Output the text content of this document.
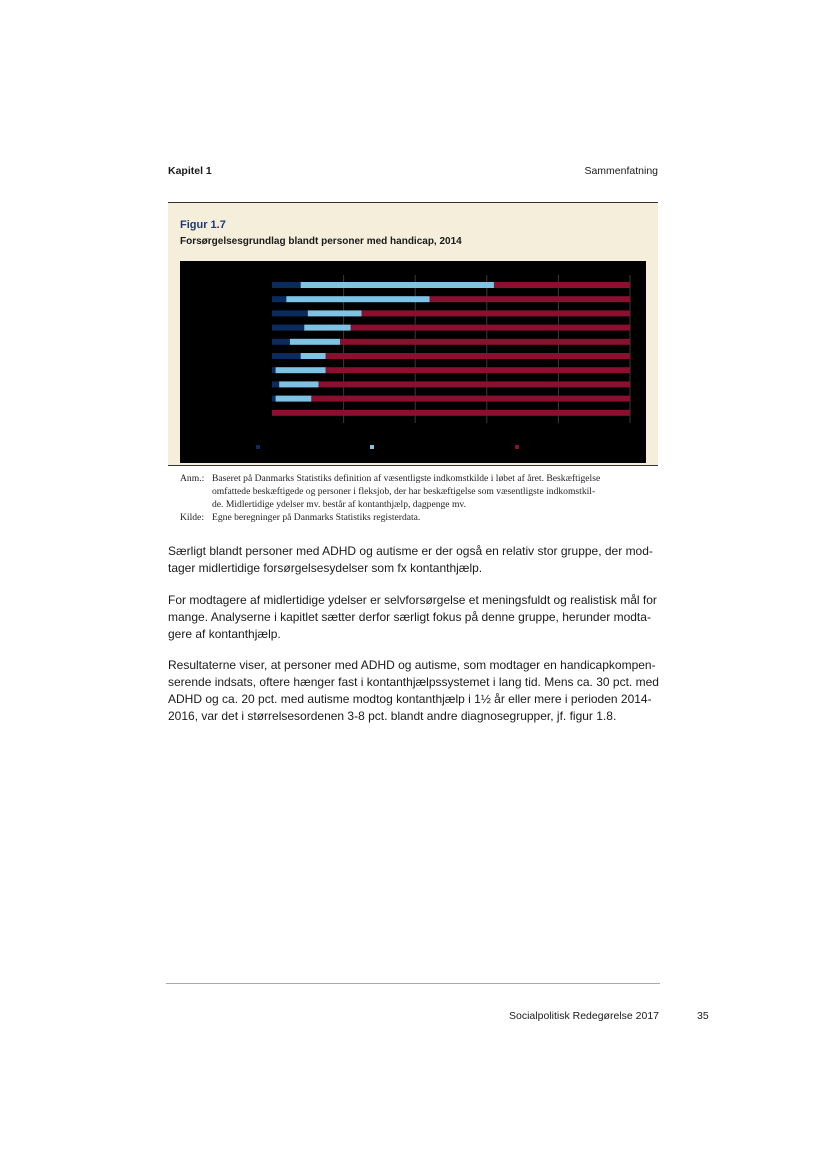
Kapitel 1	Sammenfatning
Figur 1.7
Forsørgelsesgrundlag blandt personer med handicap, 2014
Anm.: Baseret på Danmarks Statistiks definition af væsentligste indkomstkilde i løbet af året. Beskæftigelse
omfattede beskæftigede og personer i fleksjob, der har beskæftigelse som væsentligste indkomstkil-
de. Midlertidige ydelser mv. består af kontanthjælp, dagpenge mv.
Kilde: Egne beregninger på Danmarks Statistiks registerdata.
Særligt blandt personer med ADHD og autisme er der også en relativ stor gruppe, der mod-
tager midlertidige forsørgelsesydelser som fx kontanthjælp.
For modtagere af midlertidige ydelser er selvforsørgelse et meningsfuldt og realistisk mål for
mange. Analyserne i kapitlet sætter derfor særligt fokus på denne gruppe, herunder modta-
gere af kontanthjælp.
Resultaterne viser, at personer med ADHD og autisme, som modtager en handicapkompen-
serende indsats, oftere hænger fast i kontanthjælpssystemet i lang tid. Mens ca. 30 pct. med
ADHD og ca. 20 pct. med autisme modtog kontanthjælp i 1½ år eller mere i perioden 2014-
2016, var det i størrelsesordenen 3-8 pct. blandt andre diagnosegrupper, jf. figur 1.8.
Socialpolitisk Redegørelse 2017	35
